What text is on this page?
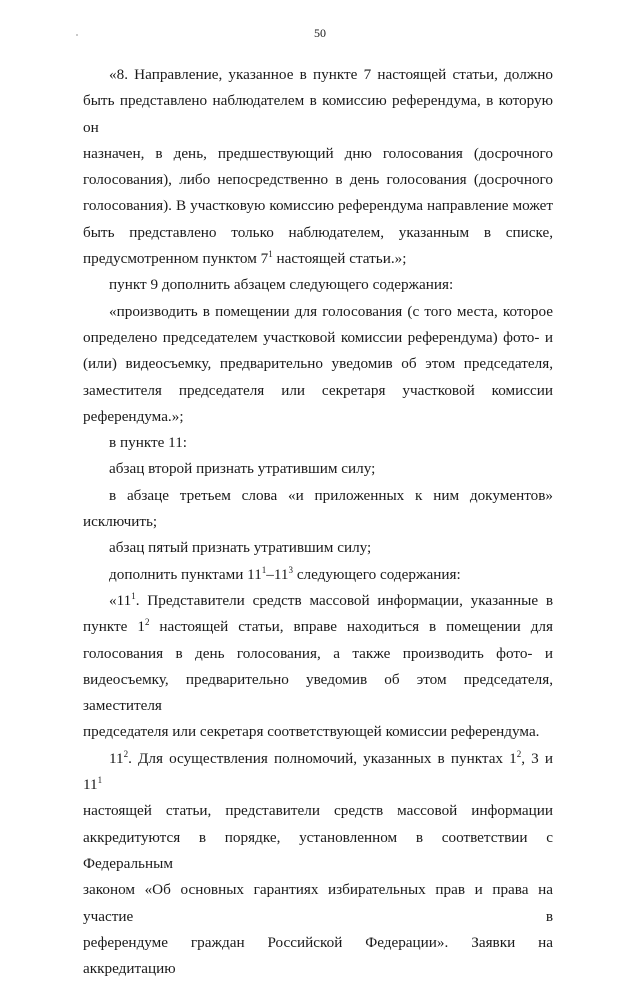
50

«8. Направление, указанное в пункте 7 настоящей статьи, должно
быть представлено наблюдателем в комиссию референдума, в которую он
назначен, в день, предшествующий дню голосования (досрочного
голосования), либо непосредственно в день голосования (досрочного
голосования). В участковую комиссию референдума направление может
быть представлено только наблюдателем, указанным в списке,
предусмотренном пунктом $7^1$ настоящей статьи.»;

пункт 9 дополнить абзацем следующего содержания:

«производить в помещении для голосования (с того места, которое
определено председателем участковой комиссии референдума) фото- и
(или) видеосъемку, предварительно уведомив об этом председателя,
заместителя председателя или секретаря участковой комиссии
референдума.»;

в пункте 11:

абзац второй признать утратившим силу;

в абзаце третьем слова «и приложенных к ним документов»
исключить;

абзац пятый признать утратившим силу;

дополнить пунктами $11^1-11^3$ следующего содержания:

«$11^1$. Представители средств массовой информации, указанные в
пункте $1^2$ настоящей статьи, вправе находиться в помещении для
голосования в день голосования, а также производить фото- и
видеосъемку, предварительно уведомив об этом председателя, заместителя
председателя или секретаря соответствующей комиссии референдума.

$11^2$. Для осуществления полномочий, указанных в пунктах $1^2$, 3 и $11^1$
настоящей статьи, представители средств массовой информации
аккредитуются в порядке, установленном в соответствии с Федеральным
законом «Об основных гарантиях избирательных прав и права на участие в
референдуме граждан Российской Федерации». Заявки на аккредитацию
